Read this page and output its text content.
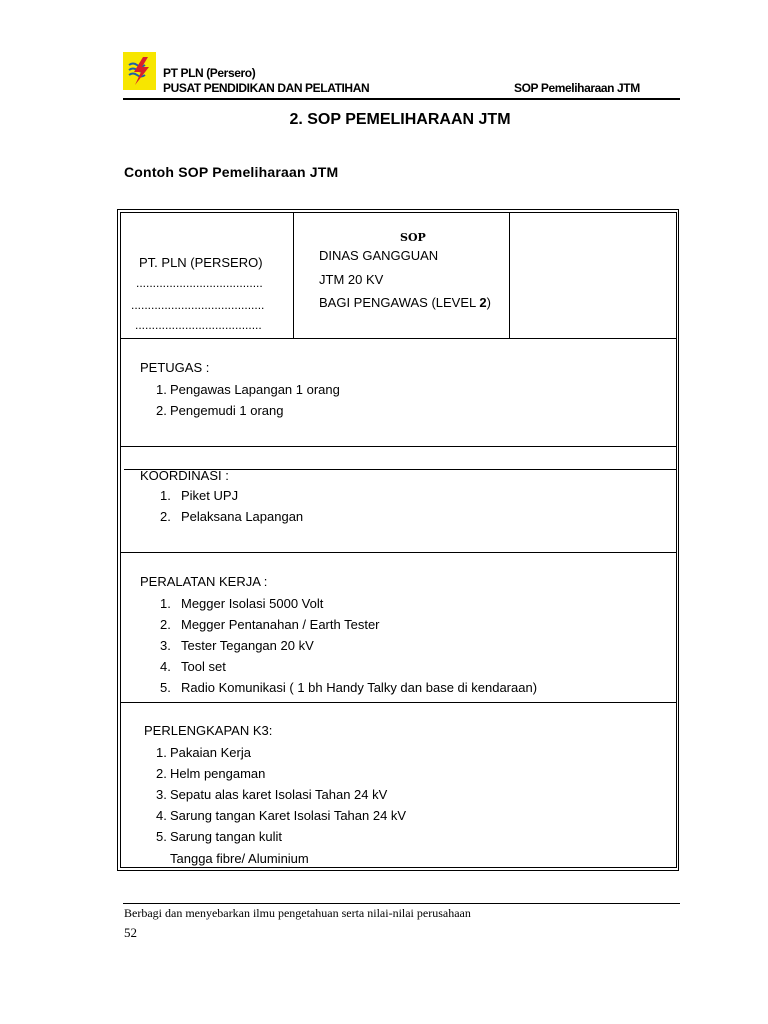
PT PLN (Persero)
PUSAT PENDIDIKAN DAN PELATIHAN	SOP Pemeliharaan JTM
2. SOP PEMELIHARAAN JTM
Contoh SOP Pemeliharaan JTM
PT. PLN (PERSERO)
......................................
........................................
......................................
SOP
DINAS GANGGUAN
JTM 20 KV
BAGI PENGAWAS (LEVEL 2)
PETUGAS :
1. Pengawas Lapangan 1 orang
2. Pengemudi 1 orang
KOORDINASI :
1. Piket UPJ
2. Pelaksana Lapangan
PERALATAN KERJA :
1. Megger Isolasi 5000 Volt
2. Megger Pentanahan / Earth Tester
3. Tester Tegangan 20 kV
4. Tool set
5. Radio Komunikasi ( 1 bh Handy Talky dan base di kendaraan)
PERLENGKAPAN K3:
1. Pakaian Kerja
2. Helm pengaman
3. Sepatu alas karet Isolasi Tahan 24 kV
4. Sarung tangan Karet Isolasi Tahan 24 kV
5. Sarung tangan kulit
Tangga fibre/ Aluminium
Berbagi dan menyebarkan ilmu pengetahuan serta nilai-nilai perusahaan
52
